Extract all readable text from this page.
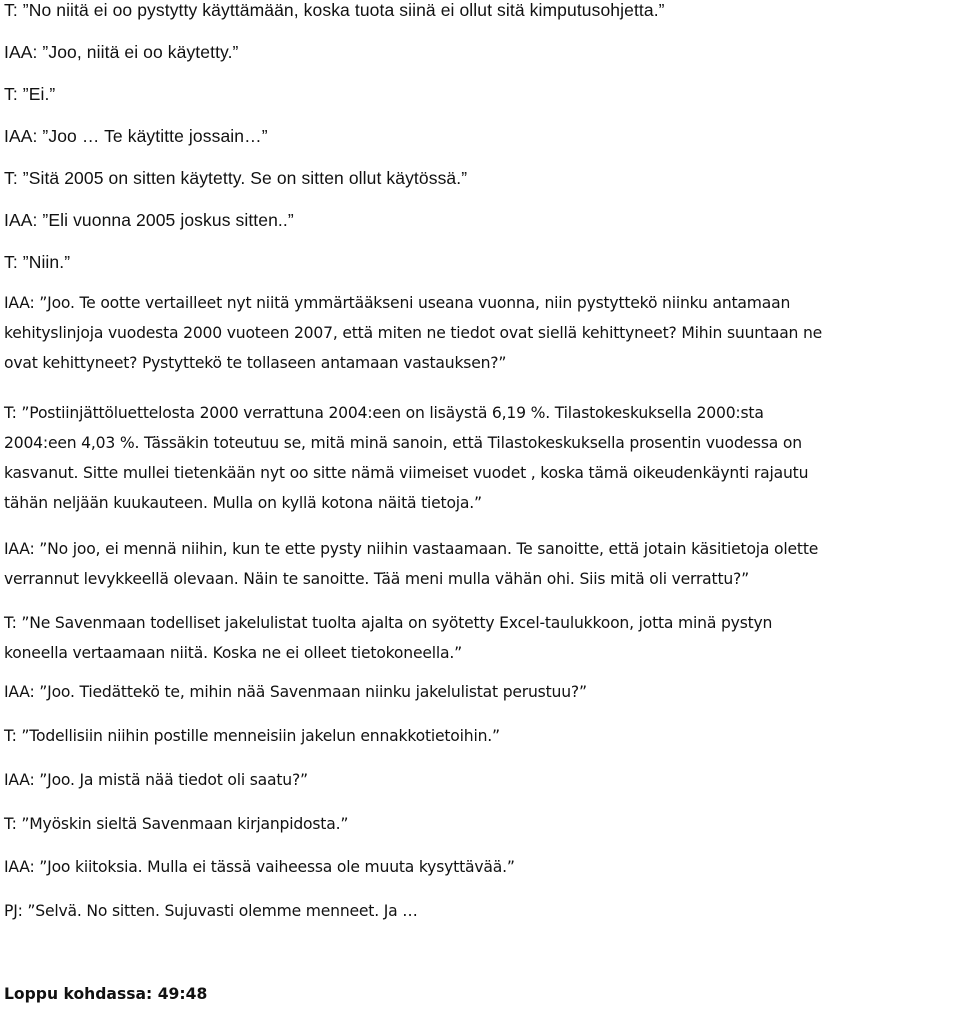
T: ”No niitä ei oo pystytty käyttämään, koska tuota siinä ei ollut sitä kimputusohjetta.”
IAA: ”Joo, niitä ei oo käytetty.”
T: ”Ei.”
IAA: ”Joo … Te käytitte jossain…”
T: ”Sitä 2005 on sitten käytetty. Se on sitten ollut käytössä.”
IAA: ”Eli vuonna 2005 joskus sitten..”
T: ”Niin.”
IAA: ”Joo. Te ootte vertailleet nyt niitä ymmärtääkseni useana vuonna, niin pystyttekö niinku antamaan
kehityslinjoja vuodesta 2000 vuoteen 2007, että miten ne tiedot ovat siellä kehittyneet? Mihin suuntaan ne
ovat kehittyneet? Pystyttekö te tollaseen antamaan vastauksen?”
T: ”Postiinjättöluettelosta 2000 verrattuna 2004:een on lisäystä 6,19 %. Tilastokeskuksella 2000:sta
2004:een 4,03 %. Tässäkin toteutuu se, mitä minä sanoin, että Tilastokeskuksella prosentin vuodessa on
kasvanut. Sitte mullei tietenkään nyt oo sitte nämä viimeiset vuodet , koska tämä oikeudenkäynti rajautu
tähän neljään kuukauteen. Mulla on kyllä kotona näitä tietoja.”
IAA: ”No joo, ei mennä niihin, kun te ette pysty niihin vastaamaan. Te sanoitte, että jotain käsitietoja olette
verrannut levykkeellä olevaan. Näin te sanoitte. Tää meni mulla vähän ohi. Siis mitä oli verrattu?”
T: ”Ne Savenmaan todelliset jakelulistat tuolta ajalta on syötetty Excel-taulukkoon, jotta minä pystyn
koneella vertaamaan niitä. Koska ne ei olleet tietokoneella.”
IAA: ”Joo. Tiedättekö te, mihin nää Savenmaan niinku jakelulistat perustuu?”
T: ”Todellisiin niihin postille menneisiin jakelun ennakkotietoihin.”
IAA: ”Joo. Ja mistä nää tiedot oli saatu?”
T: ”Myöskin sieltä Savenmaan kirjanpidosta.”
IAA: ”Joo kiitoksia. Mulla ei tässä vaiheessa ole muuta kysyttävää.”
PJ: ”Selvä. No sitten. Sujuvasti olemme menneet. Ja …
Loppu kohdassa: 49:48
